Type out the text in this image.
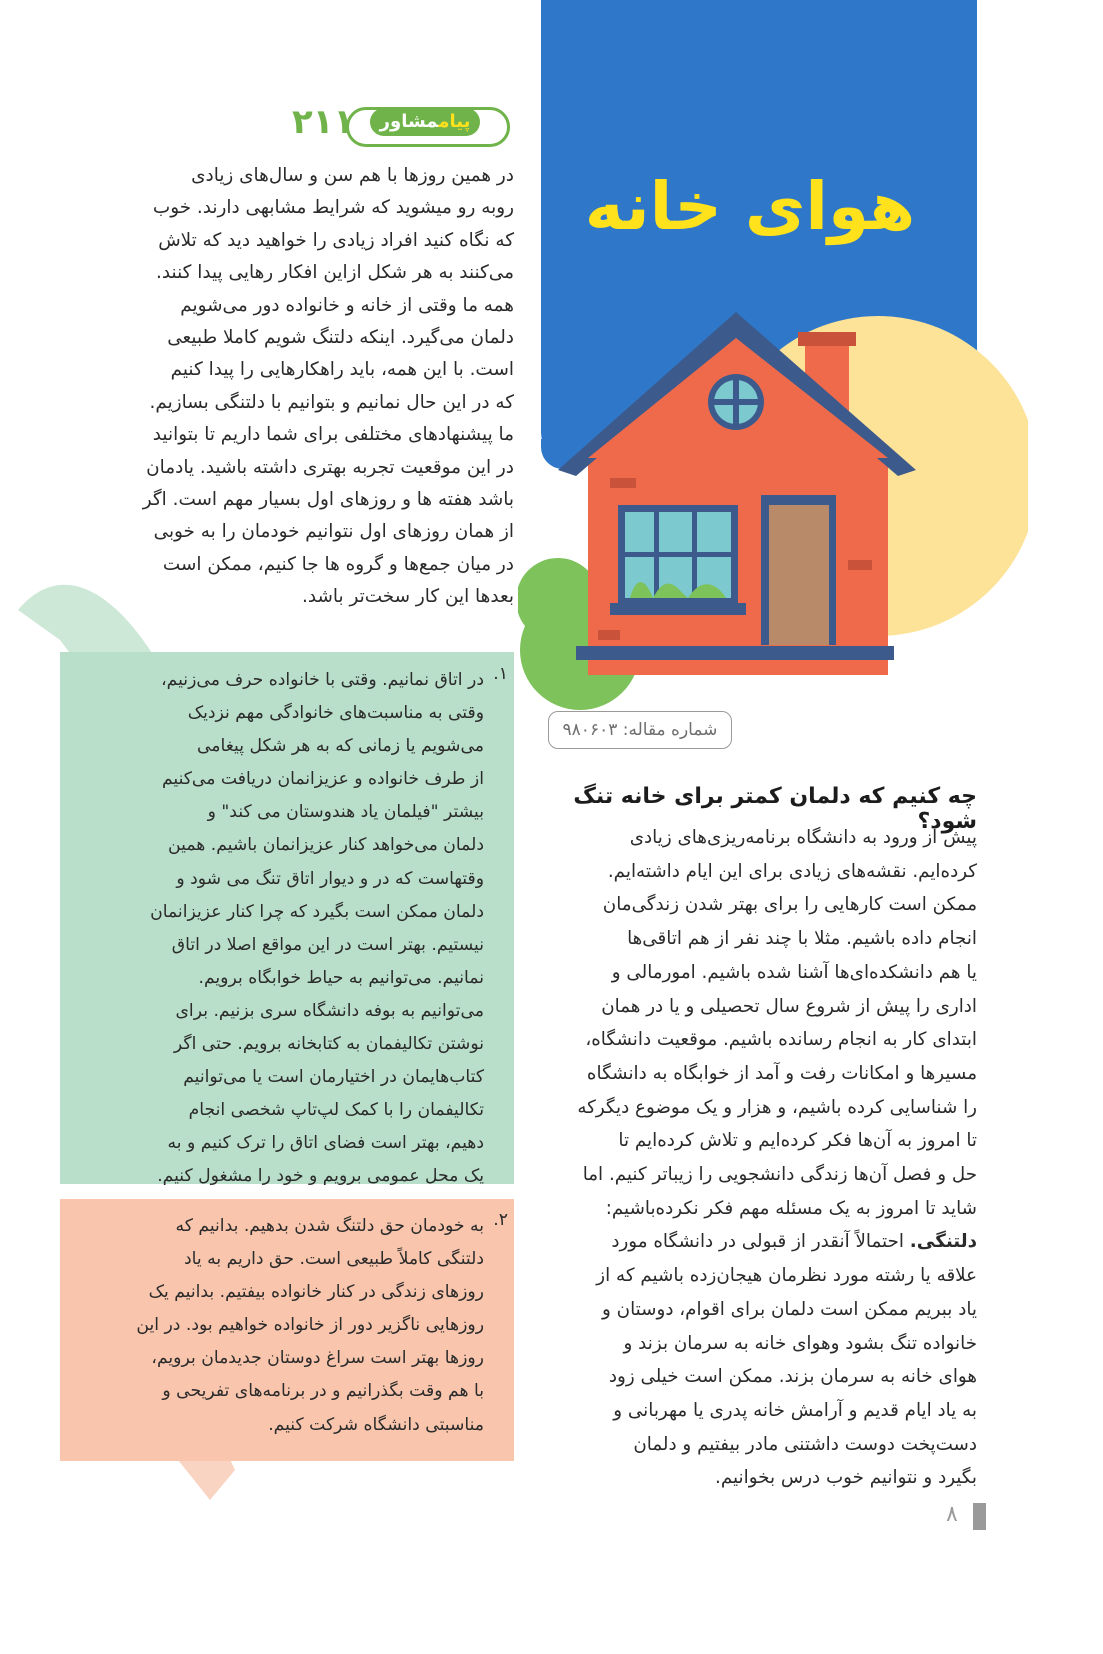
هوای خانه
پیاممشاور
۲۱۱

در همین روزها با هم سن و سال‌های زیادی

روبه رو میشوید که شرایط مشابهی دارند. خوب

که نگاه کنید افراد زیادی را خواهید دید که تلاش

می‌کنند به هر شکل ازاین افکار رهایی پیدا کنند.

همه ما وقتی از خانه و خانواده دور می‌شویم

دلمان می‌گیرد. اینکه دلتنگ شویم کاملا طبیعی

است. با این همه، باید راهکارهایی را پیدا کنیم

که در این حال نمانیم و بتوانیم با دلتنگی بسازیم.

ما پیشنهادهای مختلفی برای شما داریم تا بتوانید

در این موقعیت تجربه بهتری داشته باشید. یادمان

باشد هفته ها و روزهای اول بسیار مهم است. اگر

از همان روزهای اول نتوانیم خودمان را به خوبی

در میان جمع‌ها و گروه ها جا کنیم، ممکن است

بعدها این کار سخت‌تر باشد.

۱.

در اتاق نمانیم. وقتی با خانواده حرف می‌زنیم،

وقتی به مناسبت‌های خانوادگی مهم نزدیک

می‌شویم یا زمانی که به هر شکل پیغامی

از طرف خانواده و عزیزانمان دریافت می‌کنیم

بیشتر "فیلمان یاد هندوستان می کند" و

دلمان می‌خواهد کنار عزیزانمان باشیم. همین

وقتهاست که در و دیوار اتاق تنگ می شود و

دلمان ممکن است بگیرد که چرا کنار عزیزانمان

نیستیم. بهتر است در این مواقع اصلا در اتاق

نمانیم. می‌توانیم به حیاط خوابگاه برویم.

می‌توانیم به بوفه دانشگاه سری بزنیم. برای

نوشتن تکالیفمان به کتابخانه برویم. حتی اگر

کتاب‌هایمان در اختیارمان است یا می‌توانیم

تکالیفمان را با کمک لپ‌تاپ شخصی انجام

دهیم، بهتر است فضای اتاق را ترک کنیم و به

یک محل عمومی برویم و خود را مشغول کنیم.

۲.

به خودمان حق دلتنگ شدن بدهیم. بدانیم که

دلتنگی کاملاً طبیعی است. حق داریم به یاد

روزهای زندگی در کنار خانواده بیفتیم. بدانیم یک

روزهایی ناگزیر دور از خانواده خواهیم بود. در این

روزها بهتر است سراغ دوستان جدیدمان برویم،

با هم وقت بگذرانیم و در برنامه‌های تفریحی و

مناسبتی دانشگاه شرکت کنیم.

شماره مقاله: ۹۸۰۶۰۳
چه کنیم که دلمان کمتر برای خانه تنگ شود؟

پیش از ورود به دانشگاه برنامه‌ریزی‌های زیادی

کرده‌ایم. نقشه‌های زیادی برای این ایام داشته‌ایم.

ممکن است کارهایی را برای بهتر شدن زندگی‌مان

انجام داده باشیم. مثلا با چند نفر از هم اتاقی‌ها

یا هم دانشکده‌ای‌ها آشنا شده باشیم. امورمالی و

اداری را پیش از شروع سال تحصیلی و یا در همان

ابتدای کار به انجام رسانده باشیم. موقعیت دانشگاه،

مسیرها و امکانات رفت و آمد از خوابگاه به دانشگاه

را شناسایی کرده باشیم، و هزار و یک موضوع دیگرکه

تا امروز به آن‌ها فکر کرده‌ایم و تلاش کرده‌ایم تا

حل و فصل آن‌ها زندگی دانشجویی را زیباتر کنیم. اما

شاید تا امروز به یک مسئله مهم فکر نکرده‌باشیم:

دلتنگی. احتمالاً آنقدر از قبولی در دانشگاه مورد

علاقه یا رشته مورد نظرمان هیجان‌زده باشیم که از

یاد ببریم ممکن است دلمان برای اقوام، دوستان و

خانواده تنگ بشود وهوای خانه به سرمان بزند و

هوای خانه به سرمان بزند. ممکن است خیلی زود

به یاد ایام قدیم و آرامش خانه پدری یا مهربانی و

دست‌پخت دوست داشتنی مادر بیفتیم و دلمان

بگیرد و نتوانیم خوب درس بخوانیم.

۸
